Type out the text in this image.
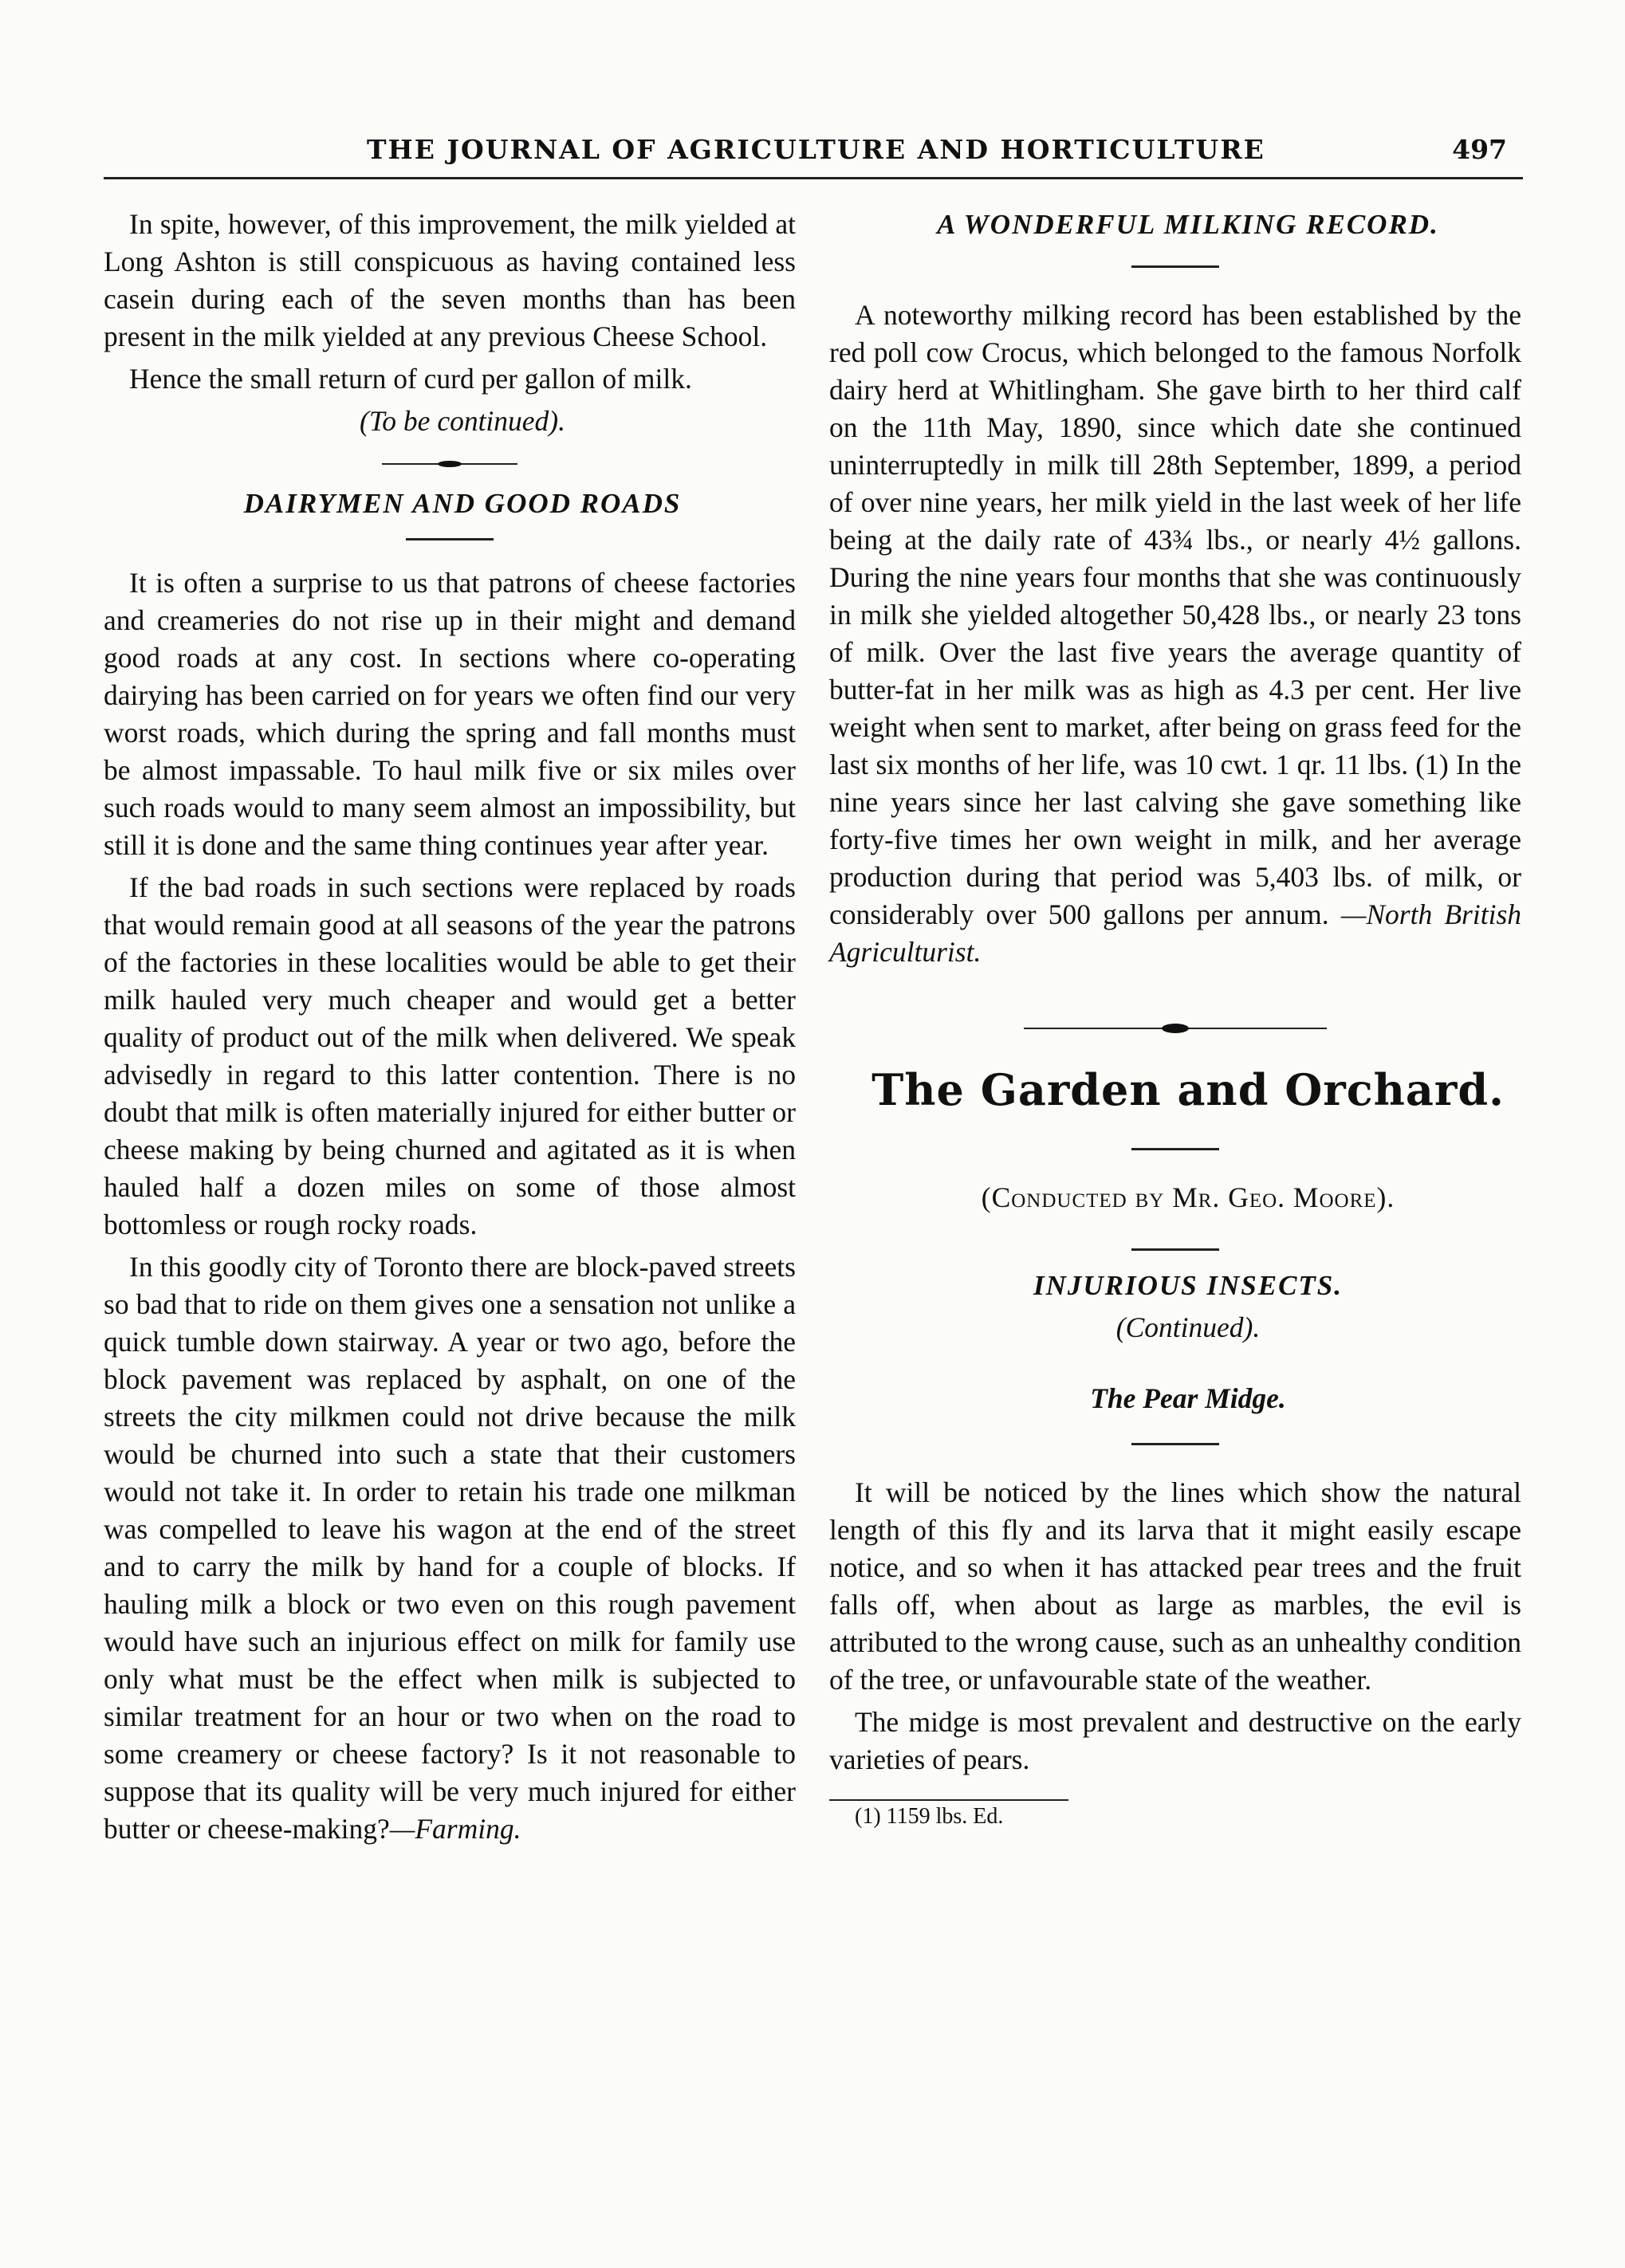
THE JOURNAL OF AGRICULTURE AND HORTICULTURE	497

In spite, however, of this improvement, the milk yielded at Long Ashton is still conspicuous as having contained less casein during each of the seven months than has been present in the milk yielded at any previous Cheese School.

Hence the small return of curd per gallon of milk.

(To be continued).

DAIRYMEN AND GOOD ROADS

It is often a surprise to us that patrons of cheese factories and creameries do not rise up in their might and demand good roads at any cost. In sections where co-operating dairying has been carried on for years we often find our very worst roads, which during the spring and fall months must be almost impassable. To haul milk five or six miles over such roads would to many seem almost an impossibility, but still it is done and the same thing continues year after year.

If the bad roads in such sections were replaced by roads that would remain good at all seasons of the year the patrons of the factories in these localities would be able to get their milk hauled very much cheaper and would get a better quality of product out of the milk when delivered. We speak advisedly in regard to this latter contention. There is no doubt that milk is often materially injured for either butter or cheese making by being churned and agitated as it is when hauled half a dozen miles on some of those almost bottomless or rough rocky roads.

In this goodly city of Toronto there are block-paved streets so bad that to ride on them gives one a sensation not unlike a quick tumble down stairway. A year or two ago, before the block pavement was replaced by asphalt, on one of the streets the city milkmen could not drive because the milk would be churned into such a state that their customers would not take it. In order to retain his trade one milkman was compelled to leave his wagon at the end of the street and to carry the milk by hand for a couple of blocks. If hauling milk a block or two even on this rough pavement would have such an injurious effect on milk for family use only what must be the effect when milk is subjected to similar treatment for an hour or two when on the road to some creamery or cheese factory? Is it not reasonable to suppose that its quality will be very much injured for either butter or cheese-making?—Farming.

A WONDERFUL MILKING RECORD.

A noteworthy milking record has been established by the red poll cow Crocus, which belonged to the famous Norfolk dairy herd at Whitlingham. She gave birth to her third calf on the 11th May, 1890, since which date she continued uninterruptedly in milk till 28th September, 1899, a period of over nine years, her milk yield in the last week of her life being at the daily rate of 43¾ lbs., or nearly 4½ gallons. During the nine years four months that she was continuously in milk she yielded altogether 50,428 lbs., or nearly 23 tons of milk. Over the last five years the average quantity of butter-fat in her milk was as high as 4.3 per cent. Her live weight when sent to market, after being on grass feed for the last six months of her life, was 10 cwt. 1 qr. 11 lbs. (1) In the nine years since her last calving she gave something like forty-five times her own weight in milk, and her average production during that period was 5,403 lbs. of milk, or considerably over 500 gallons per annum. —North British Agriculturist.

The Garden and Orchard.

(Conducted by Mr. Geo. Moore).

INJURIOUS INSECTS.

(Continued).

The Pear Midge.

It will be noticed by the lines which show the natural length of this fly and its larva that it might easily escape notice, and so when it has attacked pear trees and the fruit falls off, when about as large as marbles, the evil is attributed to the wrong cause, such as an unhealthy condition of the tree, or unfavourable state of the weather.

The midge is most prevalent and destructive on the early varieties of pears.

(1) 1159 lbs. Ed.
